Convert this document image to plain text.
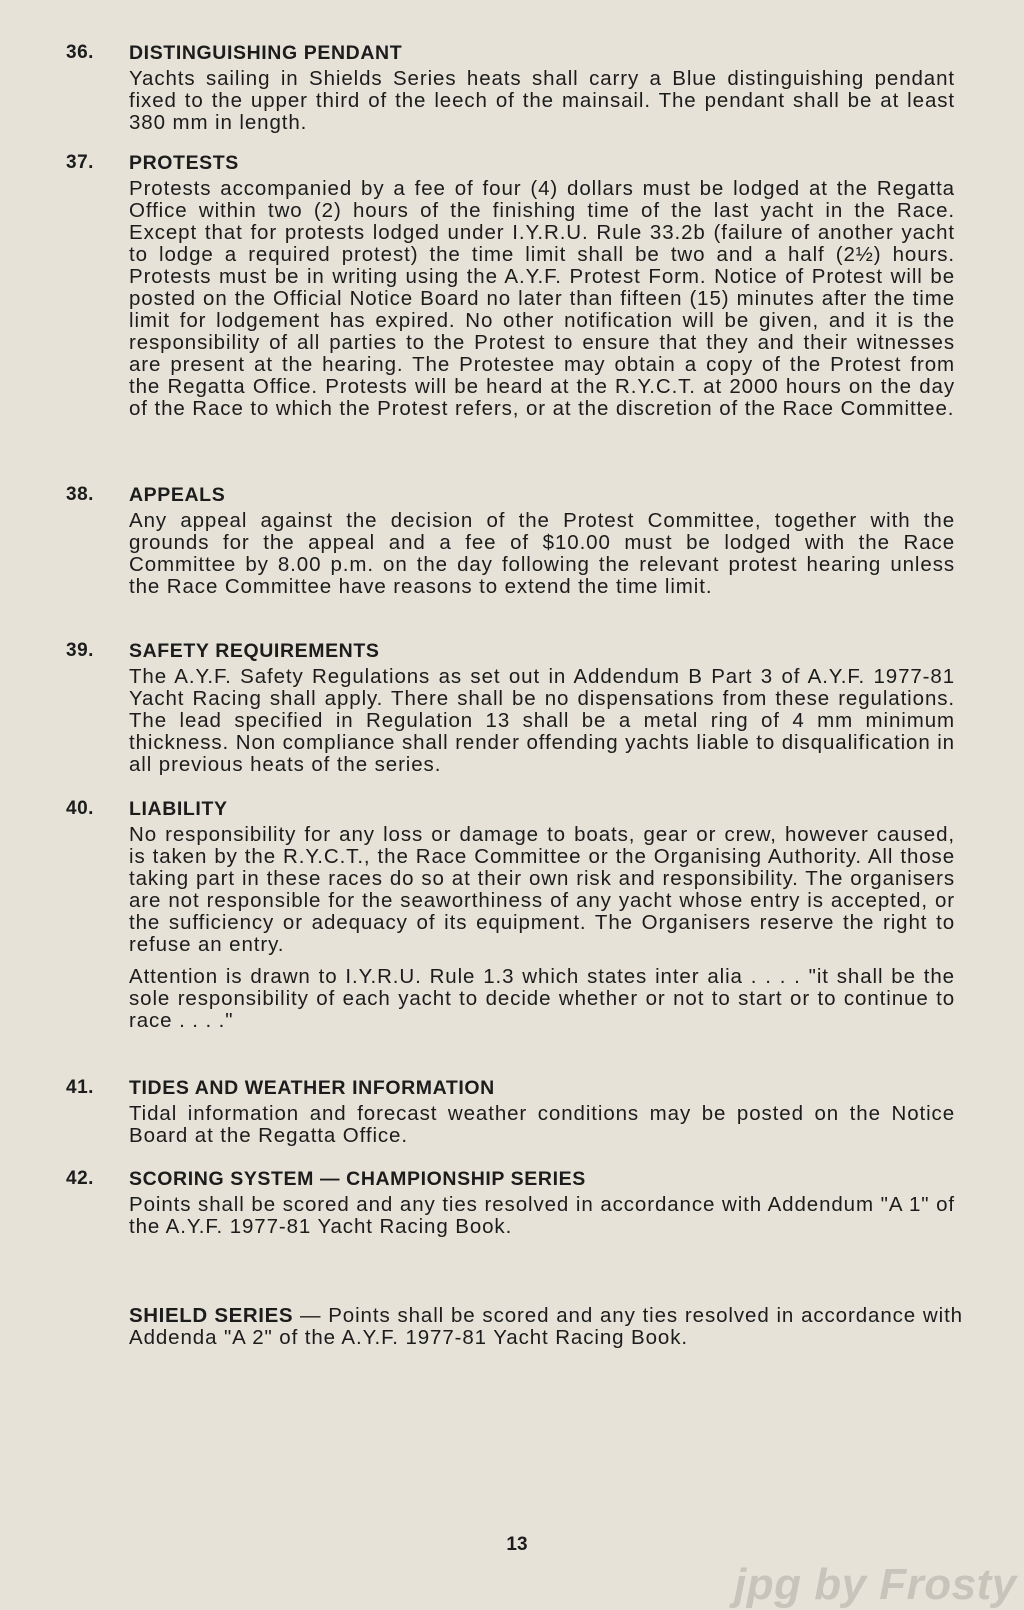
36. DISTINGUISHING PENDANT

Yachts sailing in Shields Series heats shall carry a Blue distinguishing pendant fixed to the upper third of the leech of the mainsail. The pendant shall be at least 380 mm in length.

37. PROTESTS

Protests accompanied by a fee of four (4) dollars must be lodged at the Regatta Office within two (2) hours of the finishing time of the last yacht in the Race. Except that for protests lodged under I.Y.R.U. Rule 33.2b (failure of another yacht to lodge a required protest) the time limit shall be two and a half (2½) hours. Protests must be in writing using the A.Y.F. Protest Form. Notice of Protest will be posted on the Official Notice Board no later than fifteen (15) minutes after the time limit for lodgement has expired. No other notification will be given, and it is the responsibility of all parties to the Protest to ensure that they and their witnesses are present at the hearing. The Protestee may obtain a copy of the Protest from the Regatta Office. Protests will be heard at the R.Y.C.T. at 2000 hours on the day of the Race to which the Protest refers, or at the discretion of the Race Committee.

38. APPEALS

Any appeal against the decision of the Protest Committee, together with the grounds for the appeal and a fee of $10.00 must be lodged with the Race Committee by 8.00 p.m. on the day following the relevant protest hearing unless the Race Committee have reasons to extend the time limit.

39. SAFETY REQUIREMENTS

The A.Y.F. Safety Regulations as set out in Addendum B Part 3 of A.Y.F. 1977-81 Yacht Racing shall apply. There shall be no dispensations from these regulations. The lead specified in Regulation 13 shall be a metal ring of 4 mm minimum thickness. Non compliance shall render offending yachts liable to disqualification in all previous heats of the series.

40. LIABILITY

No responsibility for any loss or damage to boats, gear or crew, however caused, is taken by the R.Y.C.T., the Race Committee or the Organising Authority. All those taking part in these races do so at their own risk and responsibility. The organisers are not responsible for the seaworthiness of any yacht whose entry is accepted, or the sufficiency or adequacy of its equipment. The Organisers reserve the right to refuse an entry.

Attention is drawn to I.Y.R.U. Rule 1.3 which states inter alia . . . . "it shall be the sole responsibility of each yacht to decide whether or not to start or to continue to race . . . ."

41. TIDES AND WEATHER INFORMATION

Tidal information and forecast weather conditions may be posted on the Notice Board at the Regatta Office.

42. SCORING SYSTEM — CHAMPIONSHIP SERIES

Points shall be scored and any ties resolved in accordance with Addendum "A 1" of the A.Y.F. 1977-81 Yacht Racing Book.

SHIELD SERIES — Points shall be scored and any ties resolved in accordance with Addenda "A 2" of the A.Y.F. 1977-81 Yacht Racing Book.

13
jpg by Frosty
